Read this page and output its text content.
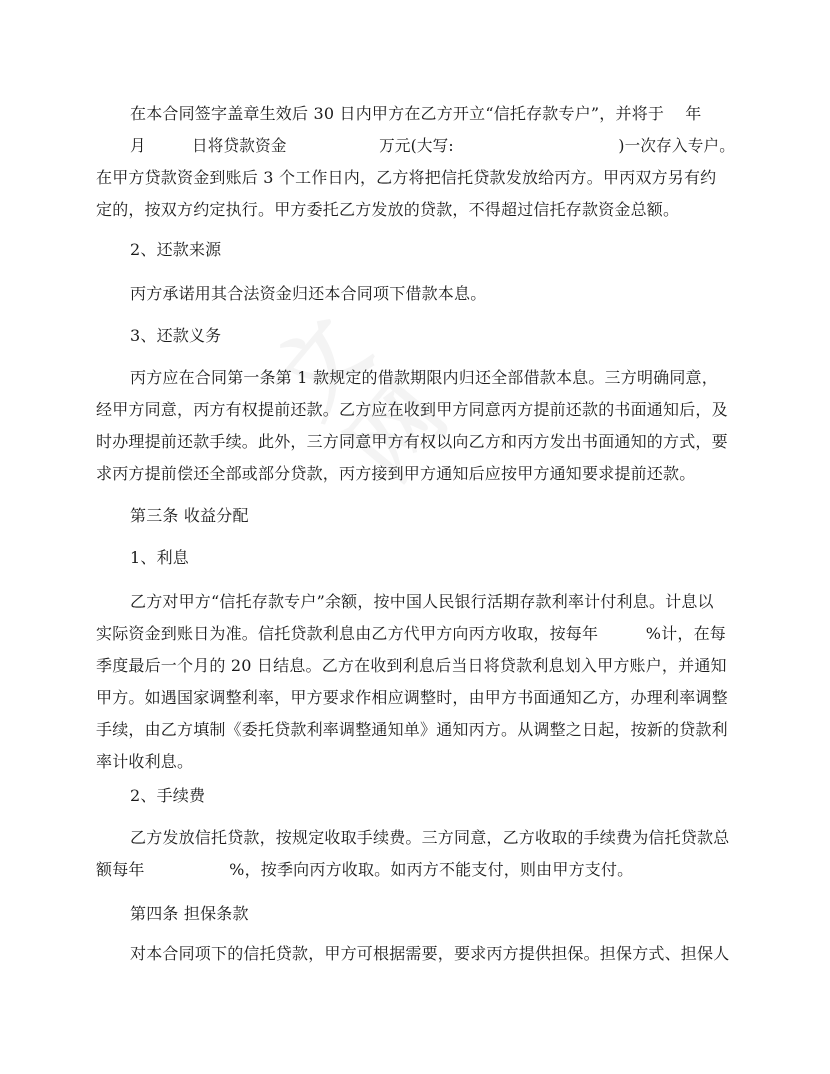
文网

在本合同签字盖章生效后 30 日内甲方在乙方开立“信托存款专户”，并将于    年

月         日将贷款资金                  万元(大写:                                )一次存入专户。

在甲方贷款资金到账后 3 个工作日内，乙方将把信托贷款发放给丙方。甲丙双方另有约

定的，按双方约定执行。甲方委托乙方发放的贷款，不得超过信托存款资金总额。

2、还款来源

丙方承诺用其合法资金归还本合同项下借款本息。

3、还款义务

丙方应在合同第一条第 1 款规定的借款期限内归还全部借款本息。三方明确同意，

经甲方同意，丙方有权提前还款。乙方应在收到甲方同意丙方提前还款的书面通知后，及

时办理提前还款手续。此外，三方同意甲方有权以向乙方和丙方发出书面通知的方式，要

求丙方提前偿还全部或部分贷款，丙方接到甲方通知后应按甲方通知要求提前还款。

第三条 收益分配

1、利息

乙方对甲方“信托存款专户”余额，按中国人民银行活期存款利率计付利息。计息以

实际资金到账日为准。信托贷款利息由乙方代甲方向丙方收取，按每年         %计，在每

季度最后一个月的 20 日结息。乙方在收到利息后当日将贷款利息划入甲方账户，并通知

甲方。如遇国家调整利率，甲方要求作相应调整时，由甲方书面通知乙方，办理利率调整

手续，由乙方填制《委托贷款利率调整通知单》通知丙方。从调整之日起，按新的贷款利

率计收利息。

2、手续费

乙方发放信托贷款，按规定收取手续费。三方同意，乙方收取的手续费为信托贷款总

额每年                %，按季向丙方收取。如丙方不能支付，则由甲方支付。

第四条 担保条款

对本合同项下的信托贷款，甲方可根据需要，要求丙方提供担保。担保方式、担保人
